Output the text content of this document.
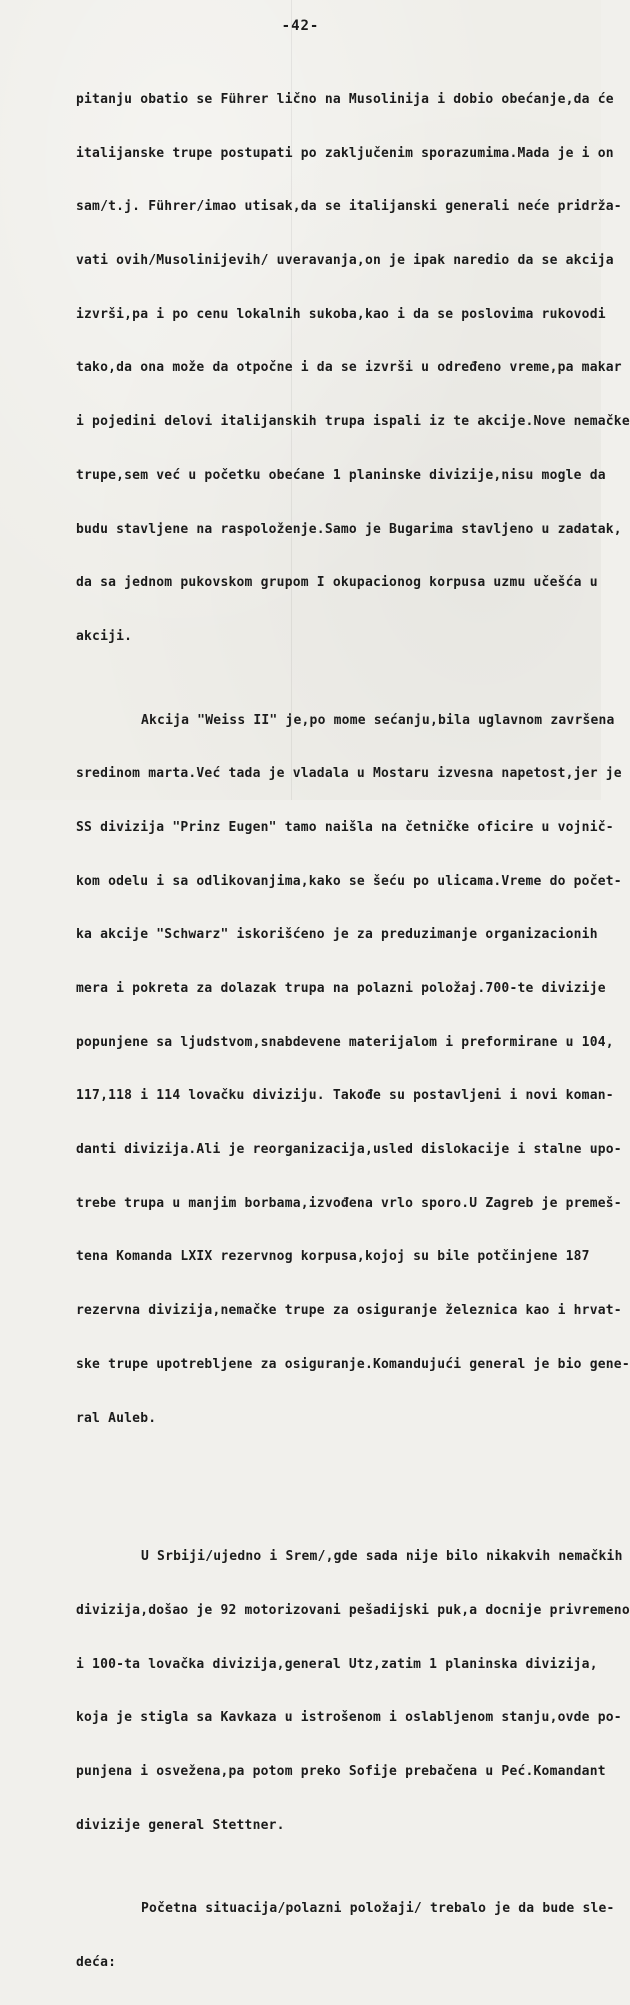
-42-

pitanju obatio se Führer lično na Musolinija i dobio obećanje,da će

italijanske trupe postupati po zaključenim sporazumima.Mada je i on

sam/t.j. Führer/imao utisak,da se italijanski generali neće pridrža-

vati ovih/Musolinijevih/ uveravanja,on je ipak naredio da se akcija

izvrši,pa i po cenu lokalnih sukoba,kao i da se poslovima rukovodi

tako,da ona može da otpočne i da se izvrši u određeno vreme,pa makar

i pojedini delovi italijanskih trupa ispali iz te akcije.Nove nemačke

trupe,sem već u početku obećane 1 planinske divizije,nisu mogle da

budu stavljene na raspoloženje.Samo je Bugarima stavljeno u zadatak,

da sa jednom pukovskom grupom I okupacionog korpusa uzmu učešća u

akciji.

Akcija "Weiss II" je,po mome sećanju,bila uglavnom završena

sredinom marta.Već tada je vladala u Mostaru izvesna napetost,jer je

SS divizija "Prinz Eugen" tamo naišla na četničke oficire u vojnič-

kom odelu i sa odlikovanjima,kako se šeću po ulicama.Vreme do počet-

ka akcije "Schwarz" iskorišćeno je za preduzimanje organizacionih

mera i pokreta za dolazak trupa na polazni položaj.700-te divizije

popunjene sa ljudstvom,snabdevene materijalom i preformirane u 104,

117,118 i 114 lovačku diviziju. Takođe su postavljeni i novi koman-

danti divizija.Ali je reorganizacija,usled dislokacije i stalne upo-

trebe trupa u manjim borbama,izvođena vrlo sporo.U Zagreb je premeš-

tena Komanda LXIX rezervnog korpusa,kojoj su bile potčinjene 187

rezervna divizija,nemačke trupe za osiguranje železnica kao i hrvat-

ske trupe upotrebljene za osiguranje.Komandujući general je bio gene-

ral Auleb.

U Srbiji/ujedno i Srem/,gde sada nije bilo nikakvih nemačkih

divizija,došao je 92 motorizovani pešadijski puk,a docnije privremeno

i 100-ta lovačka divizija,general Utz,zatim 1 planinska divizija,

koja je stigla sa Kavkaza u istrošenom i oslabljenom stanju,ovde po-

punjena i osvežena,pa potom preko Sofije prebačena u Peć.Komandant

divizije general Stettner.

Početna situacija/polazni položaji/ trebalo je da bude sle-

deća:
